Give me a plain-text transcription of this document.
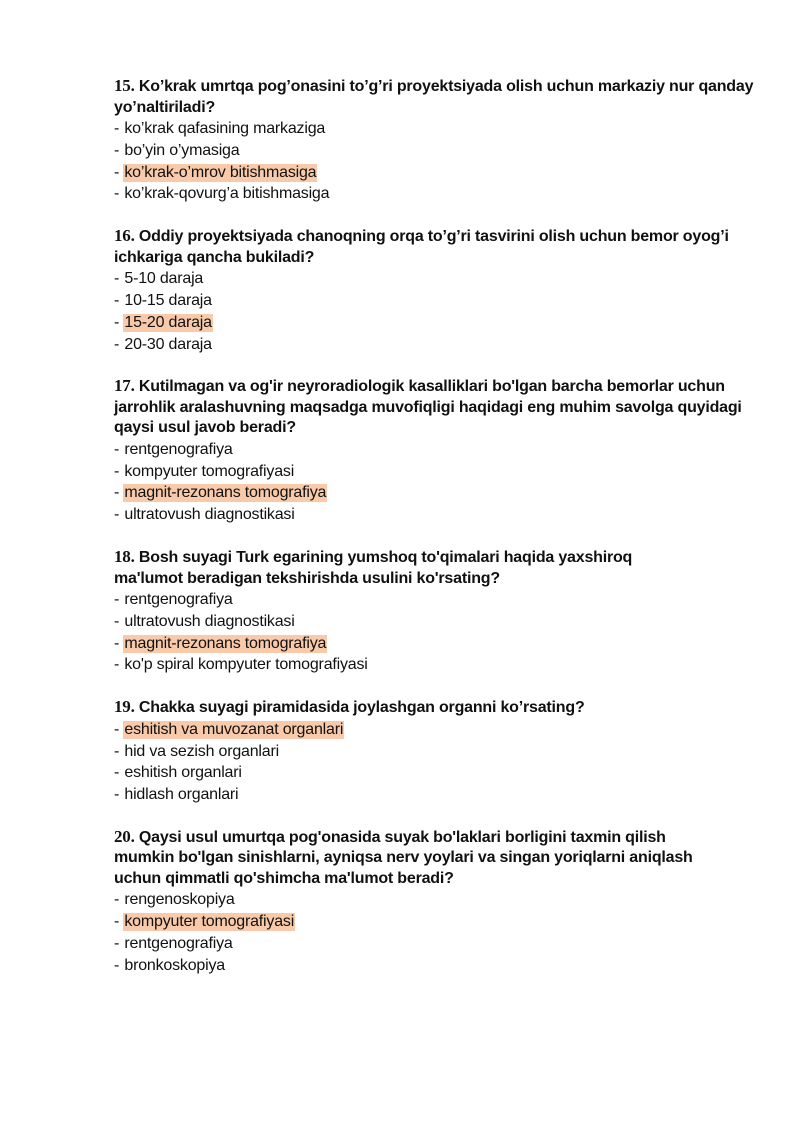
15. Ko’krak umrtqa pog’onasini to’g’ri proyektsiyada olish uchun markaziy nur qanday yo’naltiriladi?

- ko’krak qafasining markaziga
- bo’yin o’ymasiga
- ko’krak-o’mrov bitishmasiga
- ko’krak-qovurg’a bitishmasiga

16. Oddiy proyektsiyada chanoqning orqa to’g’ri tasvirini olish uchun bemor oyog’i ichkariga qancha bukiladi?

- 5-10 daraja
- 10-15 daraja
- 15-20 daraja
- 20-30 daraja

17. Kutilmagan va og'ir neyroradiologik kasalliklari bo'lgan barcha bemorlar uchun jarrohlik aralashuvning maqsadga muvofiqligi haqidagi eng muhim savolga quyidagi qaysi usul javob beradi?

- rentgenografiya
- kompyuter tomografiyasi
- magnit-rezonans tomografiya
- ultratovush diagnostikasi

18. Bosh suyagi Turk egarining yumshoq to'qimalari haqida yaxshiroq ma'lumot beradigan tekshirishda usulini ko'rsating?

- rentgenografiya
- ultratovush diagnostikasi
- magnit-rezonans tomografiya
- ko'p spiral kompyuter tomografiyasi

19. Chakka suyagi piramidasida joylashgan organni ko’rsating?

- eshitish va muvozanat organlari
- hid va sezish organlari
- eshitish organlari
- hidlash organlari

20. Qaysi usul umurtqa pog'onasida suyak bo'laklari borligini taxmin qilish mumkin bo'lgan sinishlarni, ayniqsa nerv yoylari va singan yoriqlarni aniqlash uchun qimmatli qo'shimcha ma'lumot beradi?

- rengenoskopiya
- kompyuter tomografiyasi
- rentgenografiya
- bronkoskopiya
